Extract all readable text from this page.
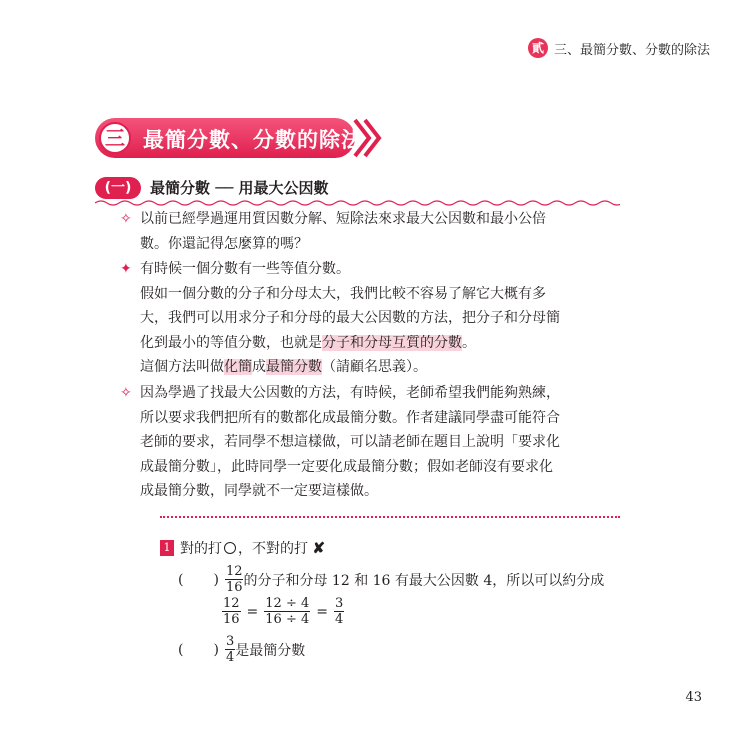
貳 三、最簡分數、分數的除法
三 最簡分數、分數的除法
(一)	最簡分數 ── 用最大公因數
✧ 以前已經學過運用質因數分解、短除法來求最大公因數和最小公倍
數。你還記得怎麼算的嗎？
✦ 有時候一個分數有一些等值分數。
假如一個分數的分子和分母太大，我們比較不容易了解它大概有多
大，我們可以用求分子和分母的最大公因數的方法，把分子和分母簡
化到最小的等值分數，也就是分子和分母互質的分數。
這個方法叫做化簡成最簡分數（請顧名思義）。
✧ 因為學過了找最大公因數的方法，有時候，老師希望我們能夠熟練，
所以要求我們把所有的數都化成最簡分數。作者建議同學盡可能符合
老師的要求，若同學不想這樣做，可以請老師在題目上說明「要求化
成最簡分數」，此時同學一定要化成最簡分數；假如老師沒有要求化
成最簡分數，同學就不一定要這樣做。
1 對的打 ，不對的打 ✘
( ) $\frac{12}{16}$ 的分子和分母 12 和 16 有最大公因數 4，所以可以約分成
$\frac{12}{16} = \frac{12 \div 4}{16 \div 4} = \frac{3}{4}$
( ) $\frac{3}{4}$ 是最簡分數
43
